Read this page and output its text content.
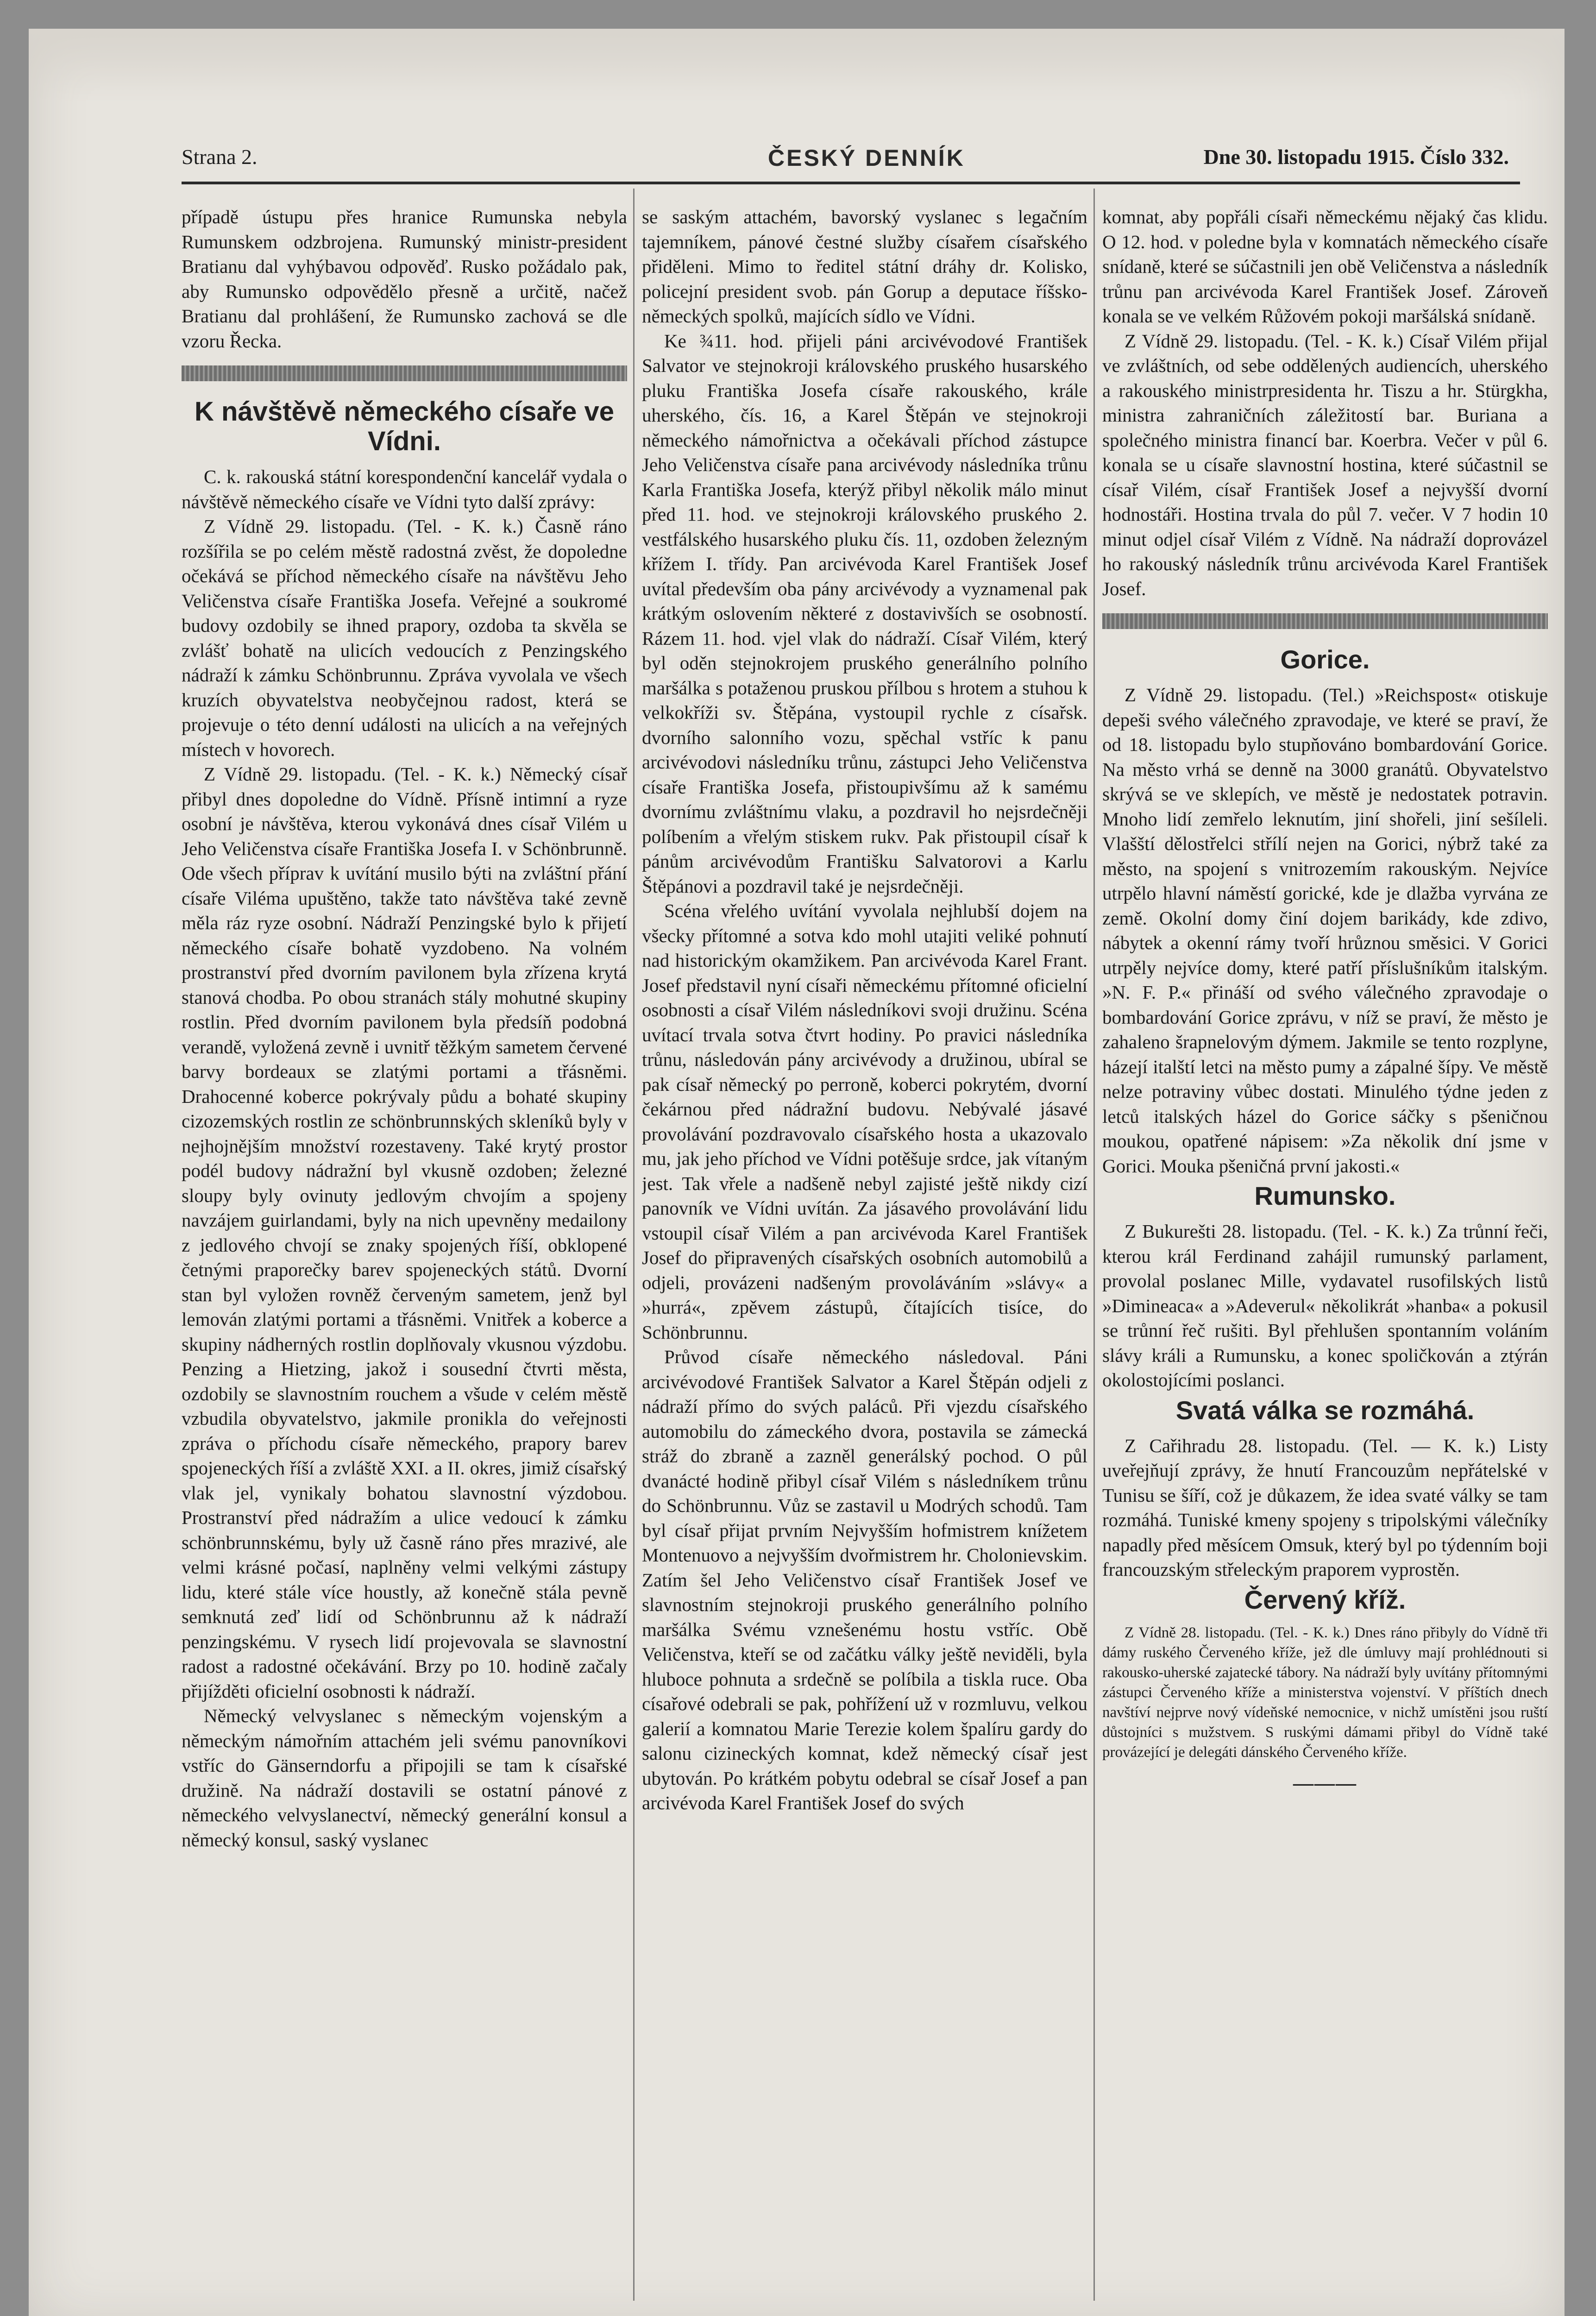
Strana 2.	ČESKÝ DENNÍK	Dne 30. listopadu 1915. Číslo 332.
případě ústupu přes hranice Rumunska nebyla Rumunskem odzbrojena. Rumunský ministr-president Bratianu dal vyhýbavou odpověď. Rusko požádalo pak, aby Rumunsko odpovědělo přesně a určitě, načež Bratianu dal prohlášení, že Rumunsko zachová se dle vzoru Řecka.
K návštěvě německého císaře ve Vídni.
C. k. rakouská státní korespondenční kancelář vydala o návštěvě německého císaře ve Vídni tyto další zprávy:
Z Vídně 29. listopadu. (Tel. - K. k.) Časně ráno rozšířila se po celém městě radostná zvěst, že dopoledne očekává se příchod německého císaře na návštěvu Jeho Veličenstva císaře Františka Josefa. Veřejné a soukromé budovy ozdobily se ihned prapory, ozdoba ta skvěla se zvlášť bohatě na ulicích vedoucích z Penzingského nádraží k zámku Schönbrunnu. Zpráva vyvolala ve všech kruzích obyvatelstva neobyčejnou radost, která se projevuje o této denní události na ulicích a na veřejných místech v hovorech.
Z Vídně 29. listopadu. (Tel. - K. k.) Německý císař přibyl dnes dopoledne do Vídně. Přísně intimní a ryze osobní je návštěva, kterou vykonává dnes císař Vilém u Jeho Veličenstva císaře Františka Josefa I. v Schönbrunně. Ode všech příprav k uvítání musilo býti na zvláštní přání císaře Viléma upuštěno, takže tato návštěva také zevně měla ráz ryze osobní. Nádraží Penzingské bylo k přijetí německého císaře bohatě vyzdobeno. Na volném prostranství před dvorním pavilonem byla zřízena krytá stanová chodba. Po obou stranách stály mohutné skupiny rostlin. Před dvorním pavilonem byla předsíň podobná verandě, vyložená zevně i uvnitř těžkým sametem červené barvy bordeaux se zlatými portami a třásněmi. Drahocenné koberce pokrývaly půdu a bohaté skupiny cizozemských rostlin ze schönbrunnských skleníků byly v nejhojnějším množství rozestaveny. Také krytý prostor podél budovy nádražní byl vkusně ozdoben; železné sloupy byly ovinuty jedlovým chvojím a spojeny navzájem guirlandami, byly na nich upevněny medailony z jedlového chvojí se znaky spojených říší, obklopené četnými praporečky barev spojeneckých států. Dvorní stan byl vyložen rovněž červeným sametem, jenž byl lemován zlatými portami a třásněmi. Vnitřek a koberce a skupiny nádherných rostlin doplňovaly vkusnou výzdobu. Penzing a Hietzing, jakož i sousední čtvrti města, ozdobily se slavnostním rouchem a všude v celém městě vzbudila obyvatelstvo, jakmile pronikla do veřejnosti zpráva o příchodu císaře německého, prapory barev spojeneckých říší a zvláště XXI. a II. okres, jimiž císařský vlak jel, vynikaly bohatou slavnostní výzdobou. Prostranství před nádražím a ulice vedoucí k zámku schönbrunnskému, byly už časně ráno přes mrazivé, ale velmi krásné počasí, naplněny velmi velkými zástupy lidu, které stále více houstly, až konečně stála pevně semknutá zeď lidí od Schönbrunnu až k nádraží penzingskému. V rysech lidí projevovala se slavnostní radost a radostné očekávání. Brzy po 10. hodině začaly přijížděti oficielní osobnosti k nádraží.
Německý velvyslanec s německým vojenským a německým námořním attachém jeli svému panovníkovi vstříc do Gänserndorfu a připojili se tam k císařské družině. Na nádraží dostavili se ostatní pánové z německého velvyslanectví, německý generální konsul a německý konsul, saský vyslanec
se saským attachém, bavorský vyslanec s legačním tajemníkem, pánové čestné služby císařem císařského přiděleni. Mimo to ředitel státní dráhy dr. Kolisko, policejní president svob. pán Gorup a deputace říšsko-německých spolků, majících sídlo ve Vídni.
Ke ¾11. hod. přijeli páni arcivévodové František Salvator ve stejnokroji královského pruského husarského pluku Františka Josefa císaře rakouského, krále uherského, čís. 16, a Karel Štěpán ve stejnokroji německého námořnictva a očekávali příchod zástupce Jeho Veličenstva císaře pana arcivévody následníka trůnu Karla Františka Josefa, kterýž přibyl několik málo minut před 11. hod. ve stejnokroji královského pruského 2. vestfálského husarského pluku čís. 11, ozdoben železným křížem I. třídy. Pan arcivévoda Karel František Josef uvítal především oba pány arcivévody a vyznamenal pak krátkým oslovením některé z dostavivších se osobností. Rázem 11. hod. vjel vlak do nádraží. Císař Vilém, který byl oděn stejnokrojem pruského generálního polního maršálka s potaženou pruskou přílbou s hrotem a stuhou k velkokříži sv. Štěpána, vystoupil rychle z císařsk. dvorního salonního vozu, spěchal vstříc k panu arcivévodovi následníku trůnu, zástupci Jeho Veličenstva císaře Františka Josefa, přistoupivšímu až k samému dvornímu zvláštnímu vlaku, a pozdravil ho nejsrdečněji políbením a vřelým stiskem rukv. Pak přistoupil císař k pánům arcivévodům Františku Salvatorovi a Karlu Štěpánovi a pozdravil také je nejsrdečněji.
Scéna vřelého uvítání vyvolala nejhlubší dojem na všecky přítomné a sotva kdo mohl utajiti veliké pohnutí nad historickým okamžikem. Pan arcivévoda Karel Frant. Josef představil nyní císaři německému přítomné oficielní osobnosti a císař Vilém následníkovi svoji družinu. Scéna uvítací trvala sotva čtvrt hodiny. Po pravici následníka trůnu, následován pány arcivévody a družinou, ubíral se pak císař německý po perroně, koberci pokrytém, dvorní čekárnou před nádražní budovu. Nebývalé jásavé provolávání pozdravovalo císařského hosta a ukazovalo mu, jak jeho příchod ve Vídni potěšuje srdce, jak vítaným jest. Tak vřele a nadšeně nebyl zajisté ještě nikdy cizí panovník ve Vídni uvítán. Za jásavého provolávání lidu vstoupil císař Vilém a pan arcivévoda Karel František Josef do připravených císařských osobních automobilů a odjeli, provázeni nadšeným provoláváním »slávy« a »hurrá«, zpěvem zástupů, čítajících tisíce, do Schönbrunnu.
Průvod císaře německého následoval. Páni arcivévodové František Salvator a Karel Štěpán odjeli z nádraží přímo do svých paláců. Při vjezdu císařského automobilu do zámeckého dvora, postavila se zámecká stráž do zbraně a zazněl generálský pochod. O půl dvanácté hodině přibyl císař Vilém s následníkem trůnu do Schönbrunnu. Vůz se zastavil u Modrých schodů. Tam byl císař přijat prvním Nejvyšším hofmistrem knížetem Montenuovo a nejvyšším dvořmistrem hr. Cholonievskim. Zatím šel Jeho Veličenstvo císař František Josef ve slavnostním stejnokroji pruského generálního polního maršálka Svému vznešenému hostu vstříc. Obě Veličenstva, kteří se od začátku války ještě neviděli, byla hluboce pohnuta a srdečně se políbila a tiskla ruce. Oba císařové odebrali se pak, pohřížení už v rozmluvu, velkou galerií a komnatou Marie Terezie kolem špalíru gardy do salonu cizineckých komnat, kdež německý císař jest ubytován. Po krátkém pobytu odebral se císař Josef a pan arcivévoda Karel František Josef do svých
komnat, aby popřáli císaři německému nějaký čas klidu. O 12. hod. v poledne byla v komnatách německého císaře snídaně, které se súčastnili jen obě Veličenstva a následník trůnu pan arcivévoda Karel František Josef. Zároveň konala se ve velkém Růžovém pokoji maršálská snídaně.
Z Vídně 29. listopadu. (Tel. - K. k.) Císař Vilém přijal ve zvláštních, od sebe oddělených audiencích, uherského a rakouského ministrpresidenta hr. Tiszu a hr. Stürgkha, ministra zahraničních záležitostí bar. Buriana a společného ministra financí bar. Koerbra. Večer v půl 6. konala se u císaře slavnostní hostina, které súčastnil se císař Vilém, císař František Josef a nejvyšší dvorní hodnostáři. Hostina trvala do půl 7. večer. V 7 hodin 10 minut odjel císař Vilém z Vídně. Na nádraží doprovázel ho rakouský následník trůnu arcivévoda Karel František Josef.
Gorice.
Z Vídně 29. listopadu. (Tel.) »Reichspost« otiskuje depeši svého válečného zpravodaje, ve které se praví, že od 18. listopadu bylo stupňováno bombardování Gorice. Na město vrhá se denně na 3000 granátů. Obyvatelstvo skrývá se ve sklepích, ve městě je nedostatek potravin. Mnoho lidí zemřelo leknutím, jiní shořeli, jiní sešíleli. Vlašští dělostřelci střílí nejen na Gorici, nýbrž také za město, na spojení s vnitrozemím rakouským. Nejvíce utrpělo hlavní náměstí gorické, kde je dlažba vyrvána ze země. Okolní domy činí dojem barikády, kde zdivo, nábytek a okenní rámy tvoří hrůznou směsici. V Gorici utrpěly nejvíce domy, které patří příslušníkům italským. »N. F. P.« přináší od svého válečného zpravodaje o bombardování Gorice zprávu, v níž se praví, že město je zahaleno šrapnelovým dýmem. Jakmile se tento rozplyne, házejí italští letci na město pumy a zápalné šípy. Ve městě nelze potraviny vůbec dostati. Minulého týdne jeden z letců italských házel do Gorice sáčky s pšeničnou moukou, opatřené nápisem: »Za několik dní jsme v Gorici. Mouka pšeničná první jakosti.«
Rumunsko.
Z Bukurešti 28. listopadu. (Tel. - K. k.) Za trůnní řeči, kterou král Ferdinand zahájil rumunský parlament, provolal poslanec Mille, vydavatel rusofilských listů »Dimineaca« a »Adeverul« několikrát »hanba« a pokusil se trůnní řeč rušiti. Byl přehlušen spontanním voláním slávy králi a Rumunsku, a konec spoličkován a ztýrán okolostojícími poslanci.
Svatá válka se rozmáhá.
Z Cařihradu 28. listopadu. (Tel. — K. k.) Listy uveřejňují zprávy, že hnutí Francouzům nepřátelské v Tunisu se šíří, což je důkazem, že idea svaté války se tam rozmáhá. Tuniské kmeny spojeny s tripolskými válečníky napadly před měsícem Omsuk, který byl po týdenním boji francouzským střeleckým praporem vyprostěn.
Červený kříž.
Z Vídně 28. listopadu. (Tel. - K. k.) Dnes ráno přibyly do Vídně tři dámy ruského Červeného kříže, jež dle úmluvy mají prohlédnouti si rakousko-uherské zajatecké tábory. Na nádraží byly uvítány přítomnými zástupci Červeného kříže a ministerstva vojenství. V příštích dnech navštíví nejprve nový vídeňské nemocnice, v nichž umístěni jsou ruští důstojníci s mužstvem. S ruskými dámami přibyl do Vídně také provázející je delegáti dánského Červeného kříže.
———
